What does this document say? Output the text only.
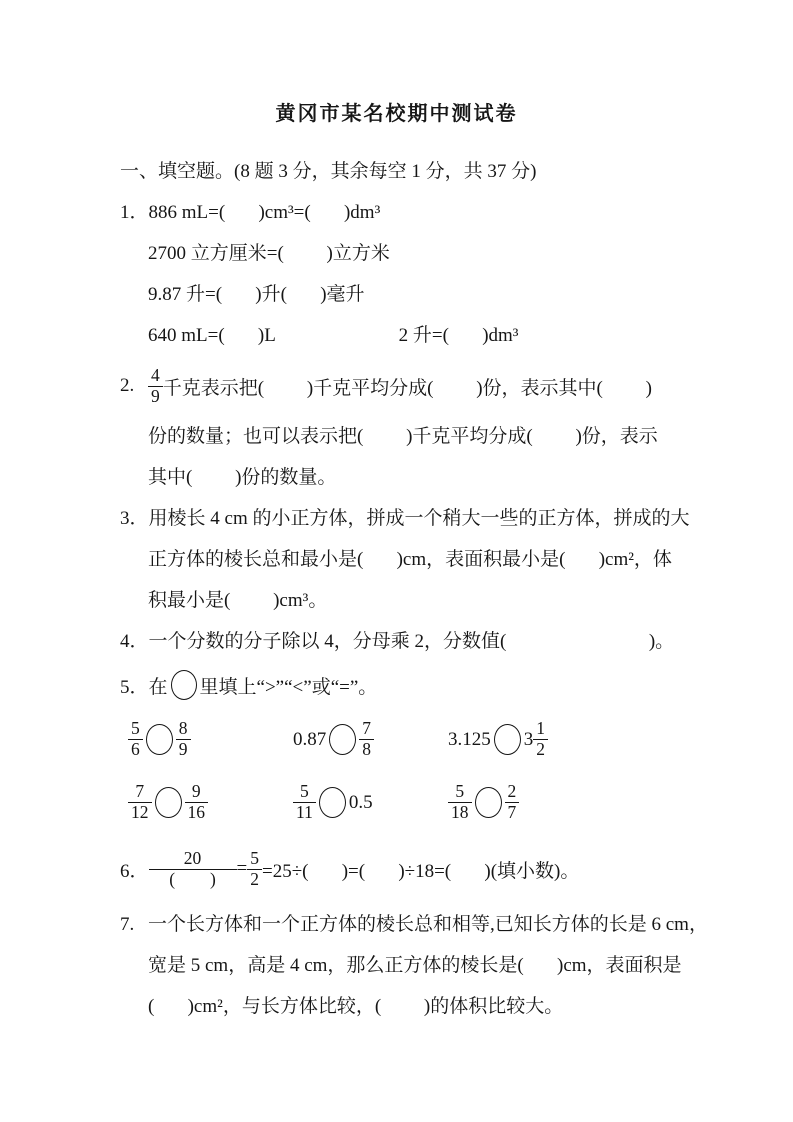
黄冈市某名校期中测试卷
一、填空题。(8 题 3 分，其余每空 1 分，共 37 分)
1． 886 mL=(       )cm³=(       )dm³
2700 立方厘米=(         )立方米
9.87 升=(       )升(       )毫升
640 mL=(       )L                          2 升=(       )dm³
2. $\frac{4}{9}$ 千克表示把(         )千克平均分成(         )份，表示其中(         )
份的数量；也可以表示把(         )千克平均分成(         )份，表示
其中(         )份的数量。
3． 用棱长 4 cm 的小正方体，拼成一个稍大一些的正方体，拼成的大
正方体的棱长总和最小是(       )cm，表面积最小是(       )cm²，体
积最小是(         )cm³。
4． 一个分数的分子除以 4，分母乘 2，分数值(                              )。
5． 在 里填上“>”“<”或“=”。
$\frac{5}{6} \frac{8}{9}$	$0.87 \frac{7}{8}$	3.125 $3 \frac{1}{2}$
$\frac{7}{12} \frac{9}{16}$	$\frac{5}{11} 0.5$	$\frac{5}{18} \frac{2}{7}$
6． $\frac{20}{( )} = \frac{5}{2} =25\div$(       )=(       )÷18=(       )(填小数)。
7. 一个长方体和一个正方体的棱长总和相等,已知长方体的长是 6 cm，
宽是 5 cm，高是 4 cm，那么正方体的棱长是(       )cm，表面积是
(       )cm²，与长方体比较，(         )的体积比较大。
